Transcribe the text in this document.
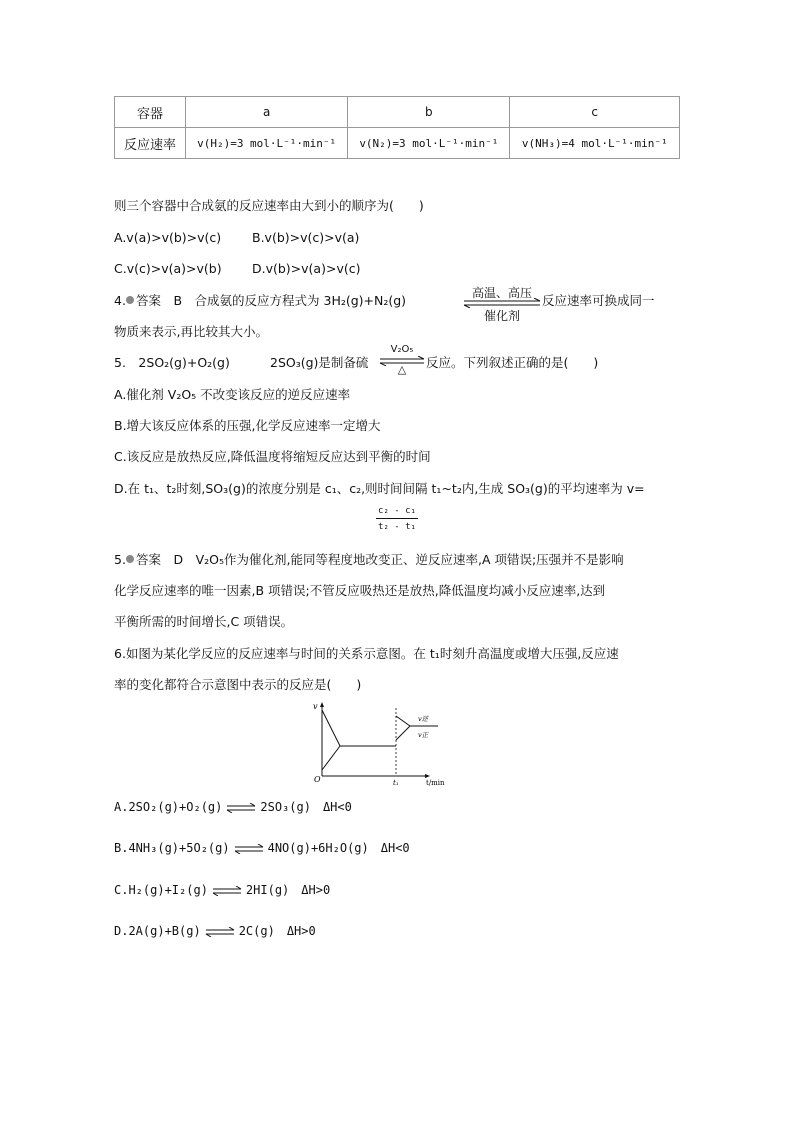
容器	a	b	c
反应速率	v(H₂)=3 mol·L⁻¹·min⁻¹	v(N₂)=3 mol·L⁻¹·min⁻¹	v(NH₃)=4 mol·L⁻¹·min⁻¹
则三个容器中合成氨的反应速率由大到小的顺序为(　　)
A.v(a)>v(b)>v(c) B.v(b)>v(c)>v(a)
C.v(c)>v(a)>v(b) D.v(b)>v(a)>v(c)
4. 答案　B　合成氨的反应方程式为 3H₂(g)+N₂(g)	高温、高压
催化剂
反应速率可换成同一
物质来表示,再比较其大小。
5.　2SO₂(g)+O₂(g)	2SO₃(g)是制备硫
V₂O₅
△	反应。下列叙述正确的是(　　)
A.催化剂 V₂O₅ 不改变该反应的逆反应速率
B.增大该反应体系的压强,化学反应速率一定增大
C.该反应是放热反应,降低温度将缩短反应达到平衡的时间
D.在 t₁、t₂时刻,SO₃(g)的浓度分别是 c₁、c₂,则时间间隔 t₁~t₂内,生成 SO₃(g)的平均速率为 v=
c₂ - c₁
t₂ - t₁
5. 答案　D　V₂O₅作为催化剂,能同等程度地改变正、逆反应速率,A 项错误;压强并不是影响
化学反应速率的唯一因素,B 项错误;不管反应吸热还是放热,降低温度均减小反应速率,达到
平衡所需的时间增长,C 项错误。
6.如图为某化学反应的反应速率与时间的关系示意图。在 t₁时刻升高温度或增大压强,反应速
率的变化都符合示意图中表示的反应是(　　)
v
O	t₁	t/min
v逆
v正
A.2SO₂(g)+O₂(g) ⇌ 2SO₃(g)　ΔH<0
B.4NH₃(g)+5O₂(g) ⇌ 4NO(g)+6H₂O(g)　ΔH<0
C.H₂(g)+I₂(g) ⇌ 2HI(g)　ΔH>0
D.2A(g)+B(g) ⇌ 2C(g)　ΔH>0
